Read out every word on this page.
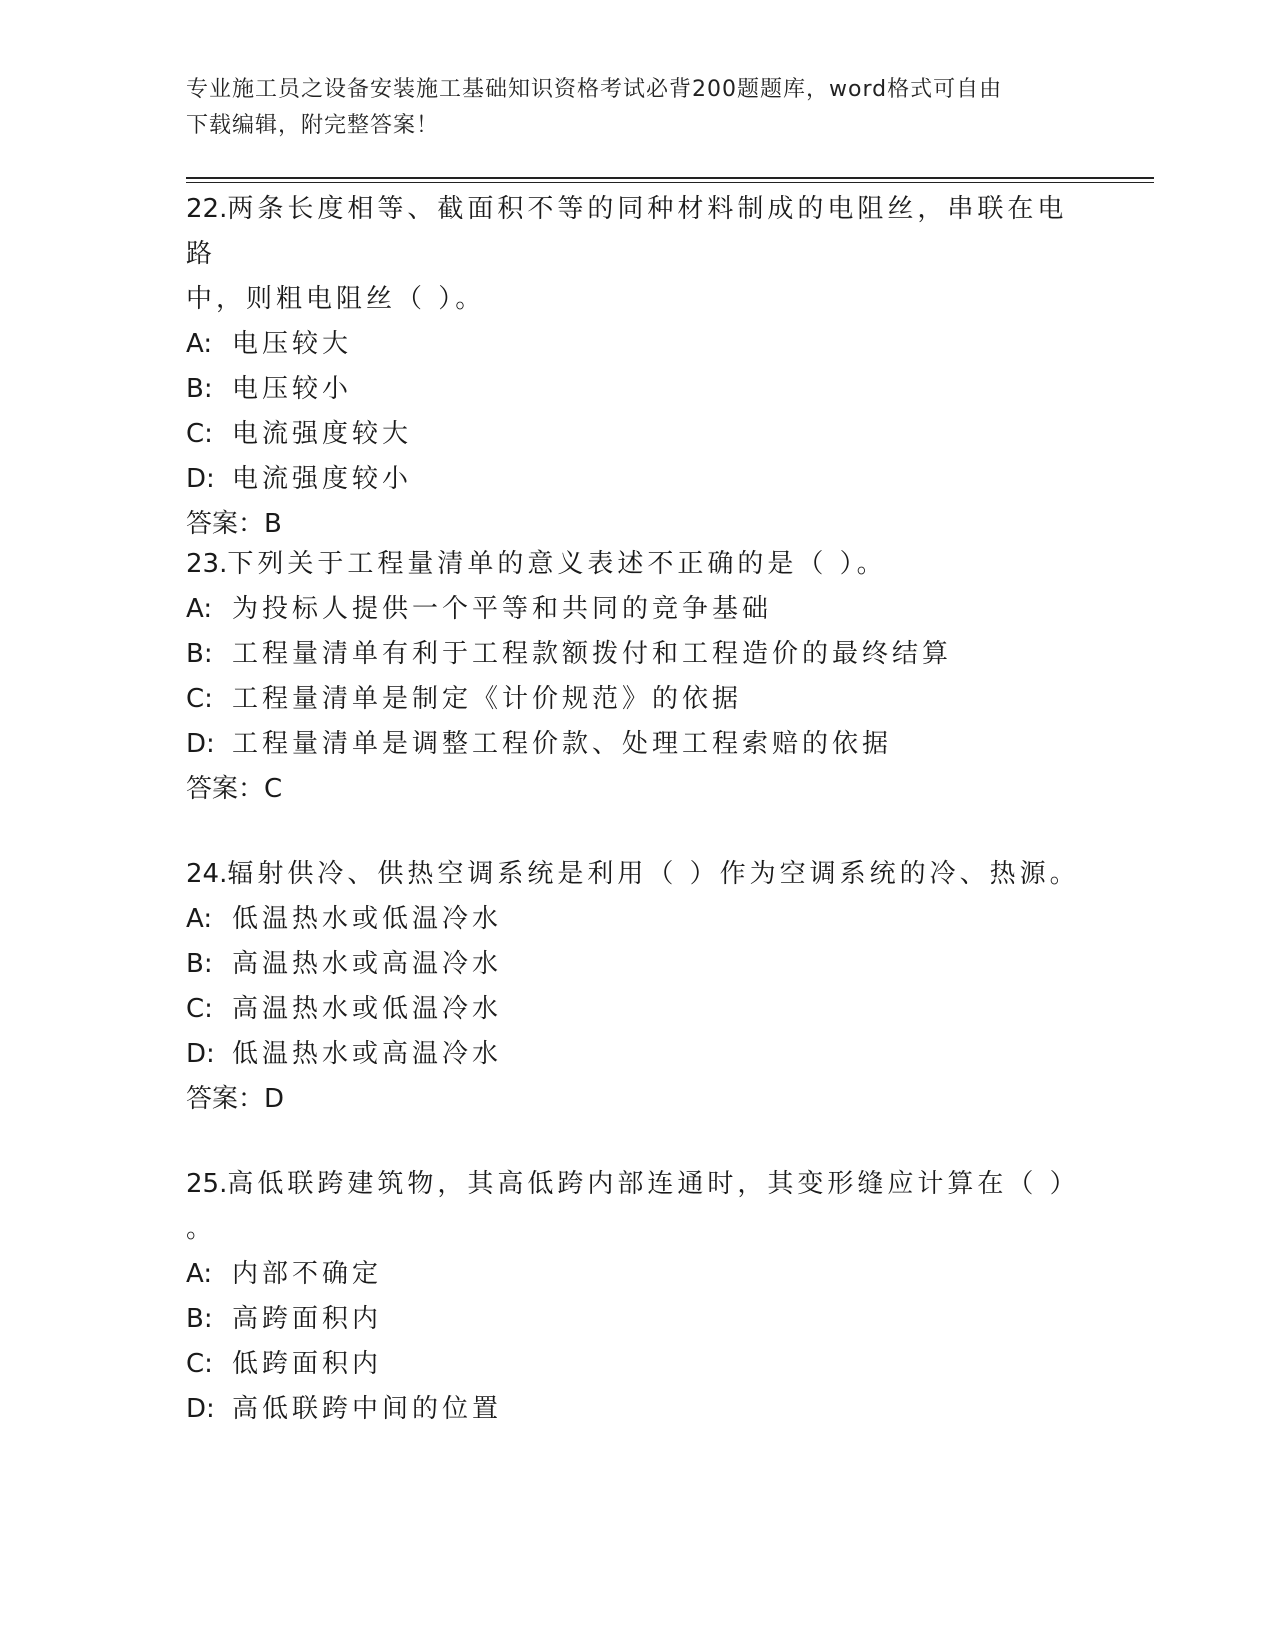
专业施工员之设备安装施工基础知识资格考试必背200题题库，word格式可自由
下载编辑，附完整答案！

22.两条长度相等、截面积不等的同种材料制成的电阻丝，串联在电路

中，则粗电阻丝（ ）。

A: 电压较大

B: 电压较小

C: 电流强度较大

D: 电流强度较小

答案：B

23.下列关于工程量清单的意义表述不正确的是（ ）。

A: 为投标人提供一个平等和共同的竞争基础

B: 工程量清单有利于工程款额拨付和工程造价的最终结算

C: 工程量清单是制定《计价规范》的依据

D: 工程量清单是调整工程价款、处理工程索赔的依据

答案：C

24.辐射供冷、供热空调系统是利用（ ）作为空调系统的冷、热源。

A: 低温热水或低温冷水

B: 高温热水或高温冷水

C: 高温热水或低温冷水

D: 低温热水或高温冷水

答案：D

25.高低联跨建筑物，其高低跨内部连通时，其变形缝应计算在（ ）

。

A: 内部不确定

B: 高跨面积内

C: 低跨面积内

D: 高低联跨中间的位置
